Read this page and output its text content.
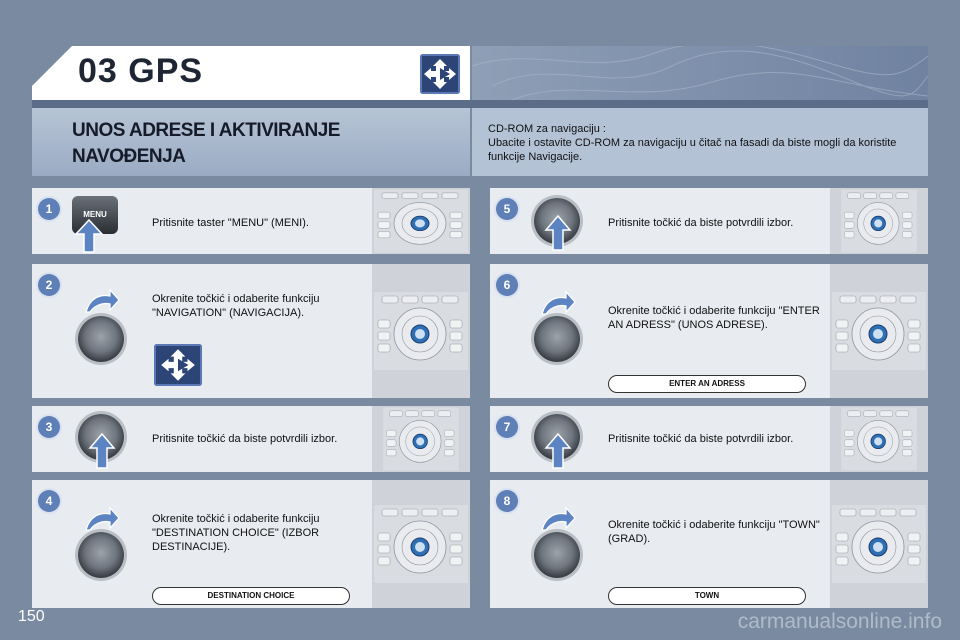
03 GPS
UNOS ADRESE I AKTIVIRANJE
NAVOĐENJA
CD-ROM za navigaciju :
Ubacite i ostavite CD-ROM za navigaciju u čitač na fasadi da biste mogli da koristite funkcije Navigacije.
1	MENU
Pritisnite taster "MENU" (MENI).
2
Okrenite točkić i odaberite funkciju "NAVIGATION" (NAVIGACIJA).
3
Pritisnite točkić da biste potvrdili izbor.
4
Okrenite točkić i odaberite funkciju "DESTINATION CHOICE" (IZBOR DESTINACIJE).
DESTINATION CHOICE
5
Pritisnite točkić da biste potvrdili izbor.
6
Okrenite točkić i odaberite funkciju "ENTER AN ADRESS" (UNOS ADRESE).
ENTER AN ADRESS
7
Pritisnite točkić da biste potvrdili izbor.
8
Okrenite točkić i odaberite funkciju "TOWN" (GRAD).
TOWN
150	carmanualsonline.info
